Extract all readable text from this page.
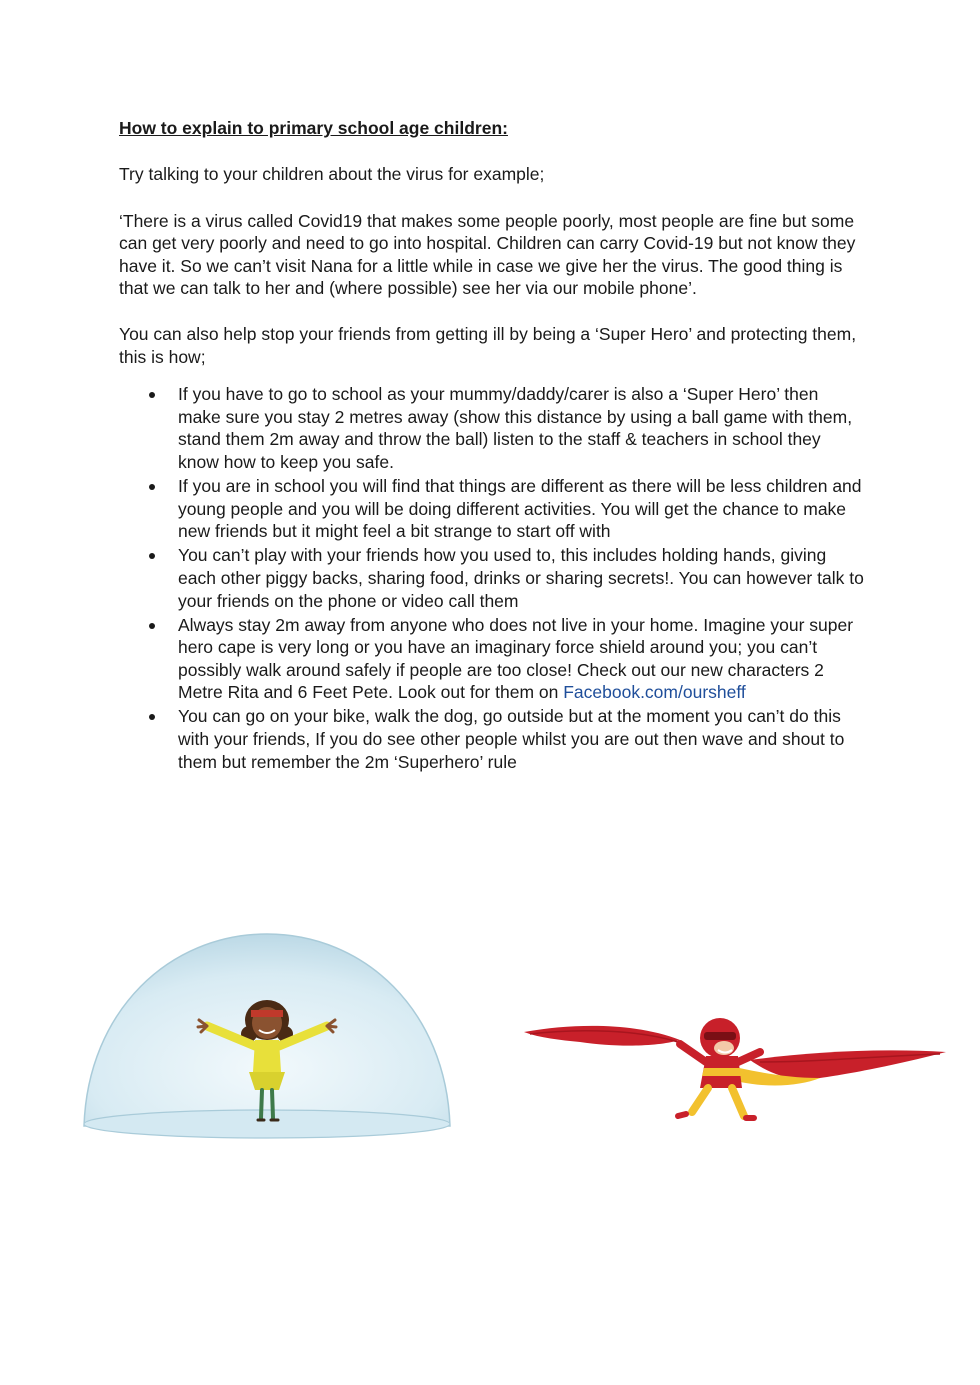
How to explain to primary school age children:

Try talking to your children about the virus for example;

‘There is a virus called Covid19 that makes some people poorly, most people are fine but some can get very poorly and need to go into hospital. Children can carry Covid-19 but not know they have it. So we can’t visit Nana for a little while in case we give her the virus. The good thing is that we can talk to her and (where possible) see her via our mobile phone’.

You can also help stop your friends from getting ill by being a ‘Super Hero’ and protecting them, this is how;

If you have to go to school as your mummy/daddy/carer is also a ‘Super Hero’ then make sure you stay 2 metres away (show this distance by using a ball game with them, stand them 2m away and throw the ball) listen to the staff & teachers in school they know how to keep you safe.
If you are in school you will find that things are different as there will be less children and young people and you will be doing different activities. You will get the chance to make new friends but it might feel a bit strange to start off with
You can’t play with your friends how you used to, this includes holding hands, giving each other piggy backs, sharing food, drinks or sharing secrets!. You can however talk to your friends on the phone or video call them
Always stay 2m away from anyone who does not live in your home. Imagine your super hero cape is very long or you have an imaginary force shield around you; you can’t possibly walk around safely if people are too close! Check out our new characters 2 Metre Rita and 6 Feet Pete. Look out for them on Facebook.com/oursheff
You can go on your bike, walk the dog, go outside but at the moment you can’t do this with your friends, If you do see other people whilst you are out then wave and shout to them but remember the 2m ‘Superhero’ rule
